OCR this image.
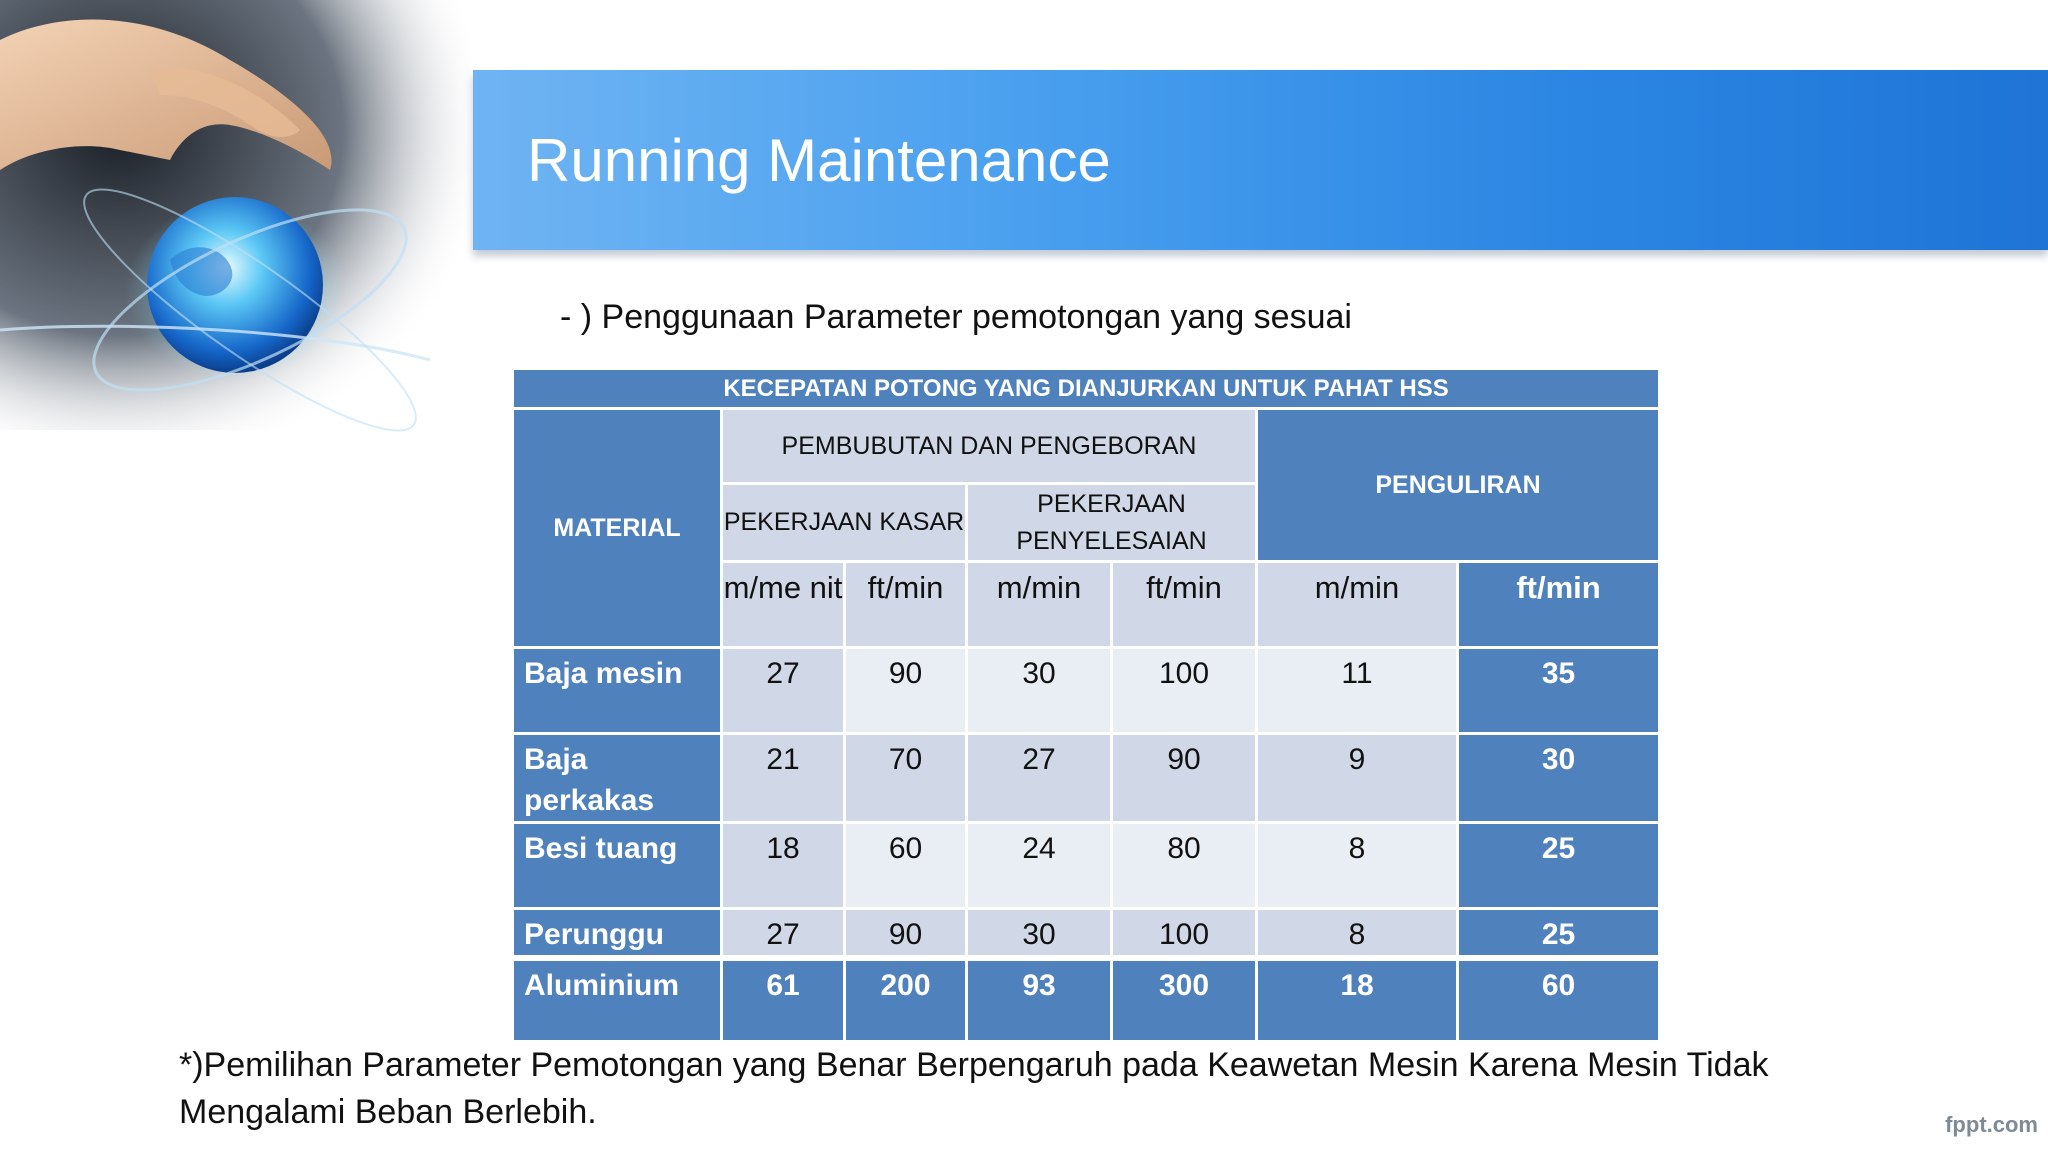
Running Maintenance
- ) Penggunaan Parameter pemotongan yang sesuai
KECEPATAN POTONG YANG DIANJURKAN UNTUK PAHAT HSS						
MATERIAL	PEMBUBUTAN DAN PENGEBORAN				PENGULIRAN	
	PEKERJAAN KASAR		PEKERJAAN PENYELESAIAN			
	m/me nit	ft/min	m/min	ft/min	m/min	ft/min
Baja mesin	27	90	30	100	11	35
Baja perkakas	21	70	27	90	9	30
Besi tuang	18	60	24	80	8	25
Perunggu	27	90	30	100	8	25
Aluminium	61	200	93	300	18	60
*)Pemilihan Parameter Pemotongan yang Benar Berpengaruh pada Keawetan Mesin Karena Mesin Tidak Mengalami Beban Berlebih.	fppt.com
